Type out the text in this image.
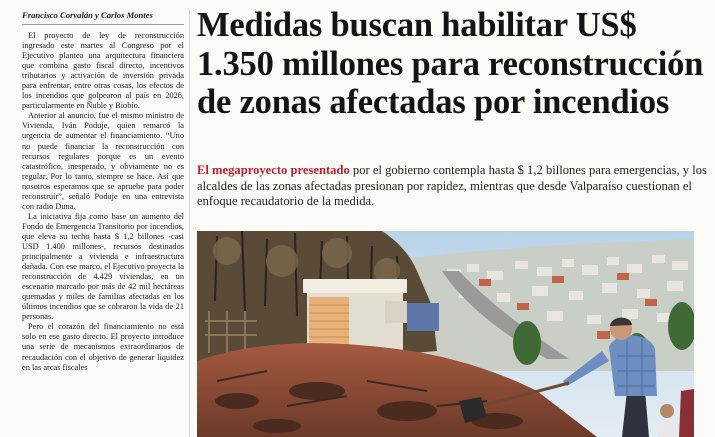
Francisco Corvalán y Carlos Montes

El proyecto de ley de reconstrucción ingresado este martes al Congreso por el Ejecutivo plantea una arquitectura financiera que combina gasto fiscal directo, incentivos tributarios y activación de inversión privada para enfrentar, entre otras cosas, los efectos de los incendios que golpearon al país en 2026, particularmente en Ñuble y Biobío.

Anterior al anuncio, fue el mismo ministro de Vivienda, Iván Poduje, quien remarcó la urgencia de aumentar el financiamiento. “Uno no puede financiar la reconstrucción con recursos regulares porque es un evento catastrófico, inesperado, y obviamente no es regular. Por lo tanto, siempre se hace. Así que nosotros esperamos que se apruebe para poder reconstruir”, señaló Poduje en una entrevista con radio Duna.

La iniciativa fija como base un aumento del Fondo de Emergencia Transitorio por incendios, que eleva su techo hasta $ 1,2 billones -casi USD 1.400 millones-, recursos destinados principalmente a vivienda e infraestructura dañada. Con ese marco, el Ejecutivo proyecta la reconstrucción de 4.429 viviendas, en un escenario marcado por más de 42 mil hectáreas quemadas y miles de familias afectadas en los últimos incendios que se cobraron la vida de 21 personas.

Pero el corazón del financiamiento no está solo en ese gasto directo. El proyecto introduce una serie de mecanismos extraordinarios de recaudación con el objetivo de generar liquidez en las arcas fiscales

Medidas buscan habilitar US$ 1.350 millones para reconstrucción de zonas afectadas por incendios

El megaproyecto presentado por el gobierno contempla hasta $ 1,2 billones para emergencias, y los alcaldes de las zonas afectadas presionan por rapidez, mientras que desde Valparaíso cuestionan el enfoque recaudatorio de la medida.
